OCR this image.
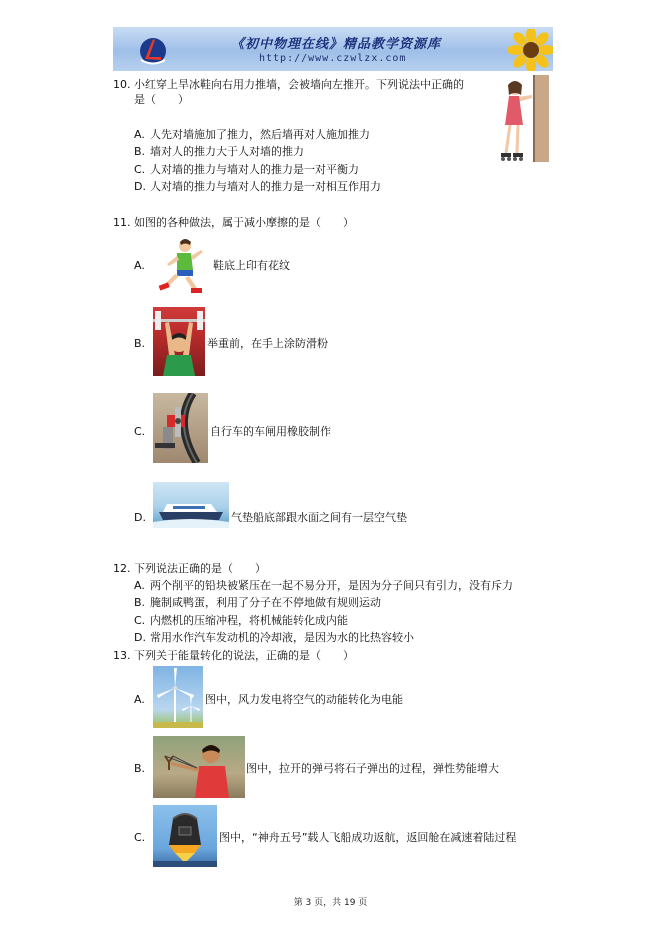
《初中物理在线》精品教学资源库
http://www.czwlzx.com
10. 小红穿上旱冰鞋向右用力推墙，会被墙向左推开。下列说法中正确的
是（　　）
A. 人先对墙施加了推力，然后墙再对人施加推力
B. 墙对人的推力大于人对墙的推力
C. 人对墙的推力与墙对人的推力是一对平衡力
D. 人对墙的推力与墙对人的推力是一对相互作用力
11. 如图的各种做法，属于减小摩擦的是（　　）
A.	鞋底上印有花纹
B.	举重前，在手上涂防滑粉
C.	自行车的车闸用橡胶制作
D.	气垫船底部跟水面之间有一层空气垫
12. 下列说法正确的是（　　）
A. 两个削平的铅块被紧压在一起不易分开，是因为分子间只有引力，没有斥力
B. 腌制咸鸭蛋，利用了分子在不停地做有规则运动
C. 内燃机的压缩冲程，将机械能转化成内能
D. 常用水作汽车发动机的冷却液，是因为水的比热容较小
13. 下列关于能量转化的说法，正确的是（　　）
A.	图中，风力发电将空气的动能转化为电能
B.	图中，拉开的弹弓将石子弹出的过程，弹性势能增大
C.	图中，“神舟五号”载人飞船成功返航，返回舱在减速着陆过程
第 3 页，共 19 页
